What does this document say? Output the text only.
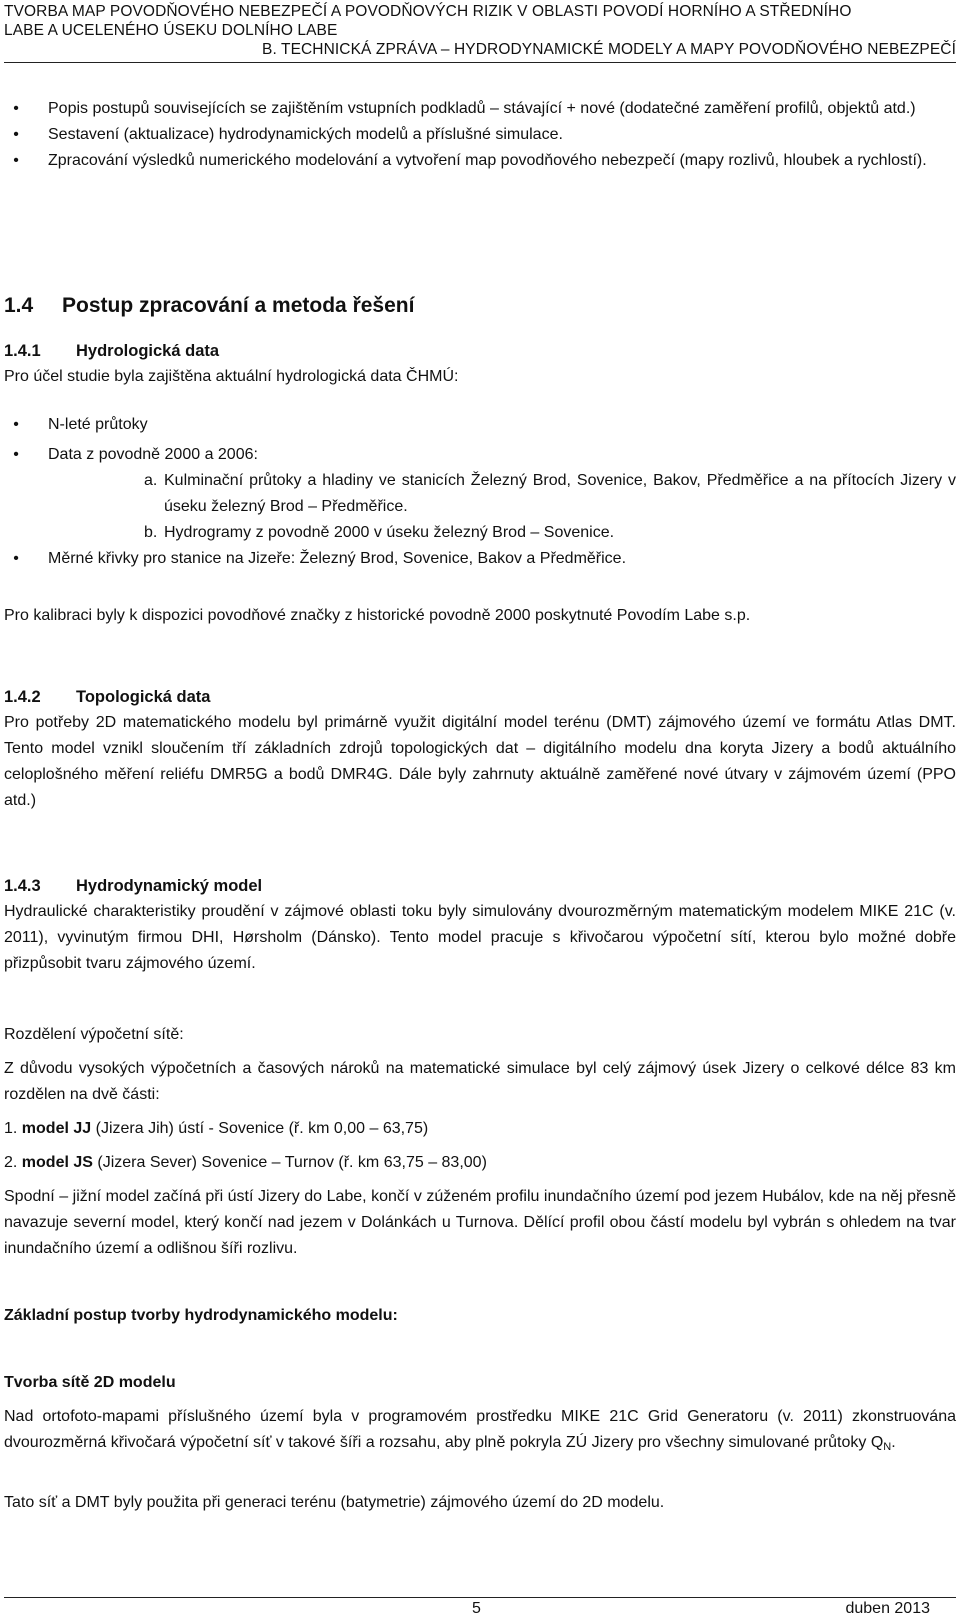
TVORBA MAP POVODŇOVÉHO NEBEZPEČÍ A POVODŇOVÝCH RIZIK V OBLASTI POVODÍ HORNÍHO A STŘEDNÍHO
LABE A UCELENÉHO ÚSEKU DOLNÍHO LABE
B. TECHNICKÁ ZPRÁVA – HYDRODYNAMICKÉ MODELY A MAPY POVODŇOVÉHO NEBEZPEČÍ
•	Popis postupů souvisejících se zajištěním vstupních podkladů – stávající + nové (dodatečné zaměření profilů, objektů atd.)
•	Sestavení (aktualizace) hydrodynamických modelů a příslušné simulace.
•	Zpracování výsledků numerického modelování a vytvoření map povodňového nebezpečí (mapy rozlivů, hloubek a rychlostí).
1.4 Postup zpracování a metoda řešení
1.4.1 Hydrologická data
Pro účel studie byla zajištěna aktuální hydrologická data ČHMÚ:
•	N-leté průtoky
•	Data z povodně 2000 a 2006:
a. Kulminační průtoky a hladiny ve stanicích Železný Brod, Sovenice, Bakov, Předměřice a na přítocích Jizery v úseku železný Brod – Předměřice.
b. Hydrogramy z povodně 2000 v úseku železný Brod – Sovenice.
•	Měrné křivky pro stanice na Jizeře: Železný Brod, Sovenice, Bakov a Předměřice.
Pro kalibraci byly k dispozici povodňové značky z historické povodně 2000 poskytnuté Povodím Labe s.p.
1.4.2 Topologická data
Pro potřeby 2D matematického modelu byl primárně využit digitální model terénu (DMT) zájmového území ve formátu Atlas DMT. Tento model vznikl sloučením tří základních zdrojů topologických dat – digitálního modelu dna koryta Jizery a bodů aktuálního celoplošného měření reliéfu DMR5G a bodů DMR4G. Dále byly zahrnuty aktuálně zaměřené nové útvary v zájmovém území (PPO atd.)
1.4.3 Hydrodynamický model
Hydraulické charakteristiky proudění v zájmové oblasti toku byly simulovány dvourozměrným matematickým modelem MIKE 21C (v. 2011), vyvinutým firmou DHI, Hørsholm (Dánsko). Tento model pracuje s křivočarou výpočetní sítí, kterou bylo možné dobře přizpůsobit tvaru zájmového území.
Rozdělení výpočetní sítě:
Z důvodu vysokých výpočetních a časových nároků na matematické simulace byl celý zájmový úsek Jizery o celkové délce 83 km rozdělen na dvě části:
1. model JJ (Jizera Jih) ústí - Sovenice (ř. km 0,00 – 63,75)
2. model JS (Jizera Sever) Sovenice – Turnov (ř. km 63,75 – 83,00)
Spodní – jižní model začíná při ústí Jizery do Labe, končí v zúženém profilu inundačního území pod jezem Hubálov, kde na něj přesně navazuje severní model, který končí nad jezem v Dolánkách u Turnova. Dělící profil obou částí modelu byl vybrán s ohledem na tvar inundačního území a odlišnou šíři rozlivu.
Základní postup tvorby hydrodynamického modelu:
Tvorba sítě 2D modelu
Nad ortofoto-mapami příslušného území byla v programovém prostředku MIKE 21C Grid Generatoru (v. 2011) zkonstruována dvourozměrná křivočará výpočetní síť v takové šíři a rozsahu, aby plně pokryla ZÚ Jizery pro všechny simulované průtoky $Q_N$.
Tato síť a DMT byly použita při generaci terénu (batymetrie) zájmového území do 2D modelu.
5	duben 2013
